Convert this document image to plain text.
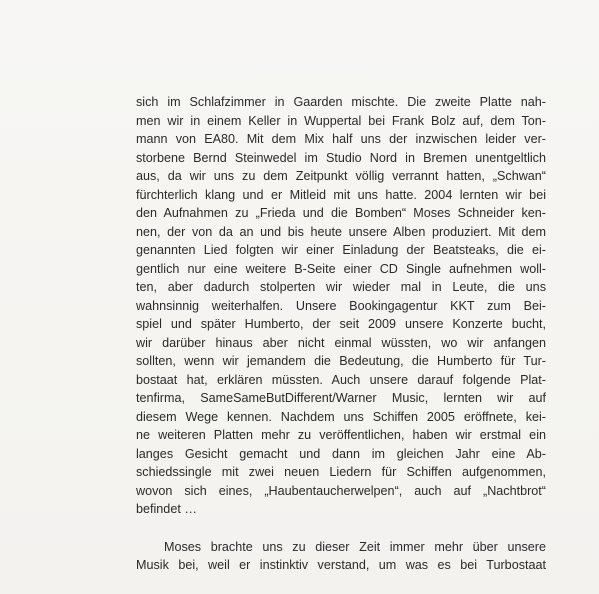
sich im Schlafzimmer in Gaarden mischte. Die zweite Platte nah-
men wir in einem Keller in Wuppertal bei Frank Bolz auf, dem Ton-
mann von EA80. Mit dem Mix half uns der inzwischen leider ver-
storbene Bernd Steinwedel im Studio Nord in Bremen unentgeltlich
aus, da wir uns zu dem Zeitpunkt völlig verrannt hatten, „Schwan“
fürchterlich klang und er Mitleid mit uns hatte. 2004 lernten wir bei
den Aufnahmen zu „Frieda und die Bomben“ Moses Schneider ken-
nen, der von da an und bis heute unsere Alben produziert. Mit dem
genannten Lied folgten wir einer Einladung der Beatsteaks, die ei-
gentlich nur eine weitere B-Seite einer CD Single aufnehmen woll-
ten, aber dadurch stolperten wir wieder mal in Leute, die uns
wahnsinnig weiterhalfen. Unsere Bookingagentur KKT zum Bei-
spiel und später Humberto, der seit 2009 unsere Konzerte bucht,
wir darüber hinaus aber nicht einmal wüssten, wo wir anfangen
sollten, wenn wir jemandem die Bedeutung, die Humberto für Tur-
bostaat hat, erklären müssten. Auch unsere darauf folgende Plat-
tenfirma, SameSameButDifferent/Warner Music, lernten wir auf
diesem Wege kennen. Nachdem uns Schiffen 2005 eröffnete, kei-
ne weiteren Platten mehr zu veröffentlichen, haben wir erstmal ein
langes Gesicht gemacht und dann im gleichen Jahr eine Ab-
schiedssingle mit zwei neuen Liedern für Schiffen aufgenommen,
wovon sich eines, „Haubentaucherwelpen“, auch auf „Nachtbrot“
befindet …
Moses brachte uns zu dieser Zeit immer mehr über unsere
Musik bei, weil er instinktiv verstand, um was es bei Turbostaat
